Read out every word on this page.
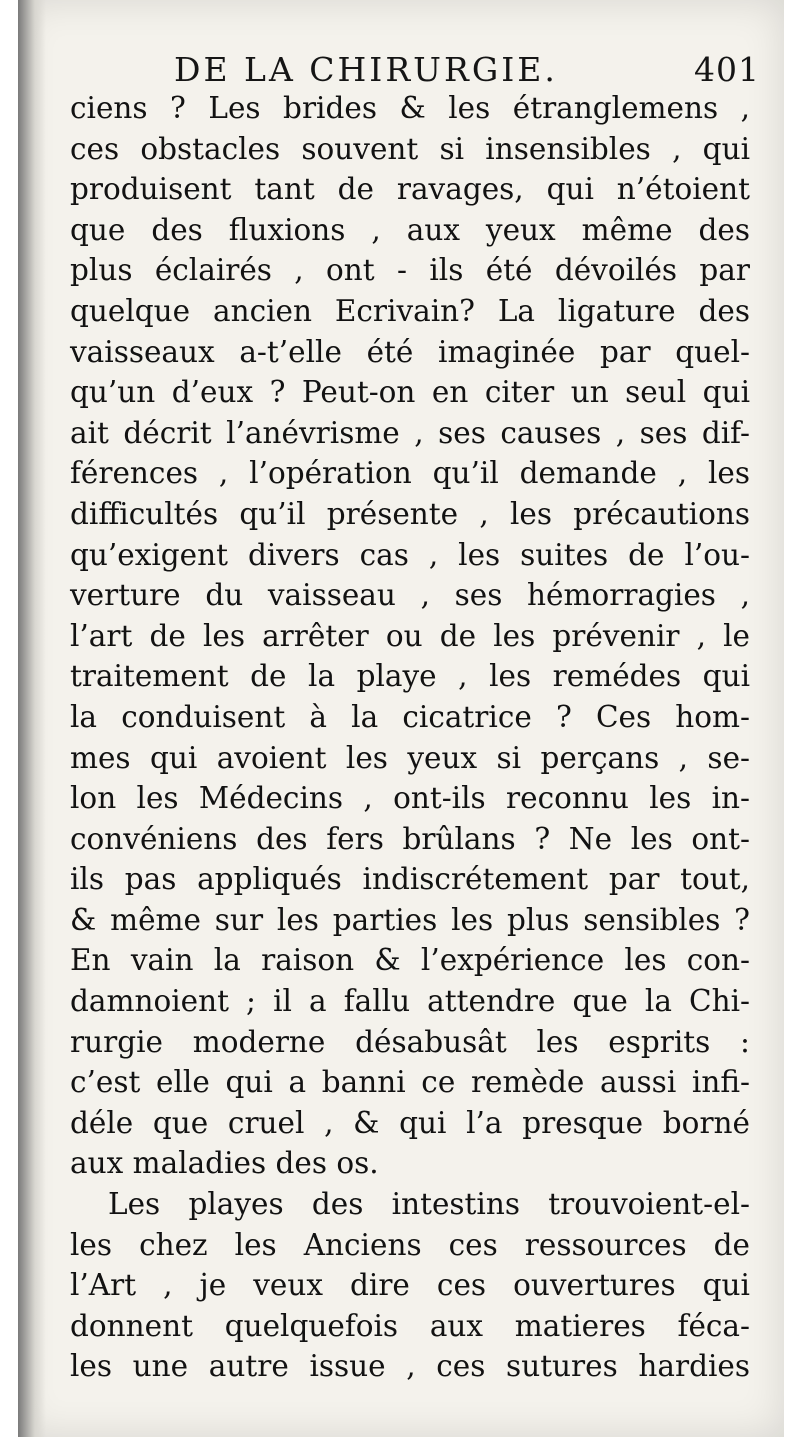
DE LA CHIRURGIE.	401
ciens ? Les brides & les étranglemens ,
ces obstacles souvent si insensibles , qui
produisent tant de ravages, qui n’étoient
que des fluxions , aux yeux même des
plus éclairés , ont - ils été dévoilés par
quelque ancien Ecrivain? La ligature des
vaisseaux a-t’elle été imaginée par quel-
qu’un d’eux ? Peut-on en citer un seul qui
ait décrit l’anévrisme , ses causes , ses dif-
férences , l’opération qu’il demande , les
difficultés qu’il présente , les précautions
qu’exigent divers cas , les suites de l’ou-
verture du vaisseau , ses hémorragies ,
l’art de les arrêter ou de les prévenir , le
traitement de la playe , les remédes qui
la conduisent à la cicatrice ? Ces hom-
mes qui avoient les yeux si perçans , se-
lon les Médecins , ont-ils reconnu les in-
convéniens des fers brûlans ? Ne les ont-
ils pas appliqués indiscrétement par tout,
& même sur les parties les plus sensibles ?
En vain la raison & l’expérience les con-
damnoient ; il a fallu attendre que la Chi-
rurgie moderne désabusât les esprits :
c’est elle qui a banni ce remède aussi infi-
déle que cruel , & qui l’a presque borné
aux maladies des os.
Les playes des intestins trouvoient-el-
les chez les Anciens ces ressources de
l’Art , je veux dire ces ouvertures qui
donnent quelquefois aux matieres féca-
les une autre issue , ces sutures hardies
